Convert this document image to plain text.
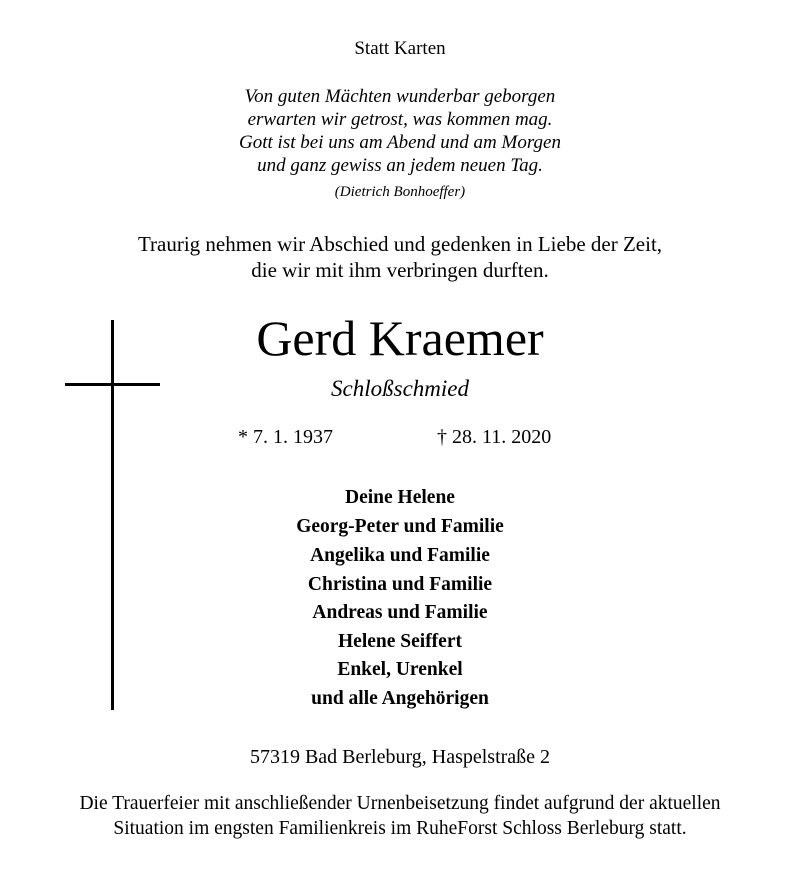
Statt Karten
Von guten Mächten wunderbar geborgen
erwarten wir getrost, was kommen mag.
Gott ist bei uns am Abend und am Morgen
und ganz gewiss an jedem neuen Tag.
(Dietrich Bonhoeffer)
Traurig nehmen wir Abschied und gedenken in Liebe der Zeit,
die wir mit ihm verbringen durften.
Gerd Kraemer
Schloßschmied
* 7. 1. 1937	† 28. 11. 2020
Deine Helene
Georg-Peter und Familie
Angelika und Familie
Christina und Familie
Andreas und Familie
Helene Seiffert
Enkel, Urenkel
und alle Angehörigen
57319 Bad Berleburg, Haspelstraße 2
Die Trauerfeier mit anschließender Urnenbeisetzung findet aufgrund der aktuellen
Situation im engsten Familienkreis im RuheForst Schloss Berleburg statt.
